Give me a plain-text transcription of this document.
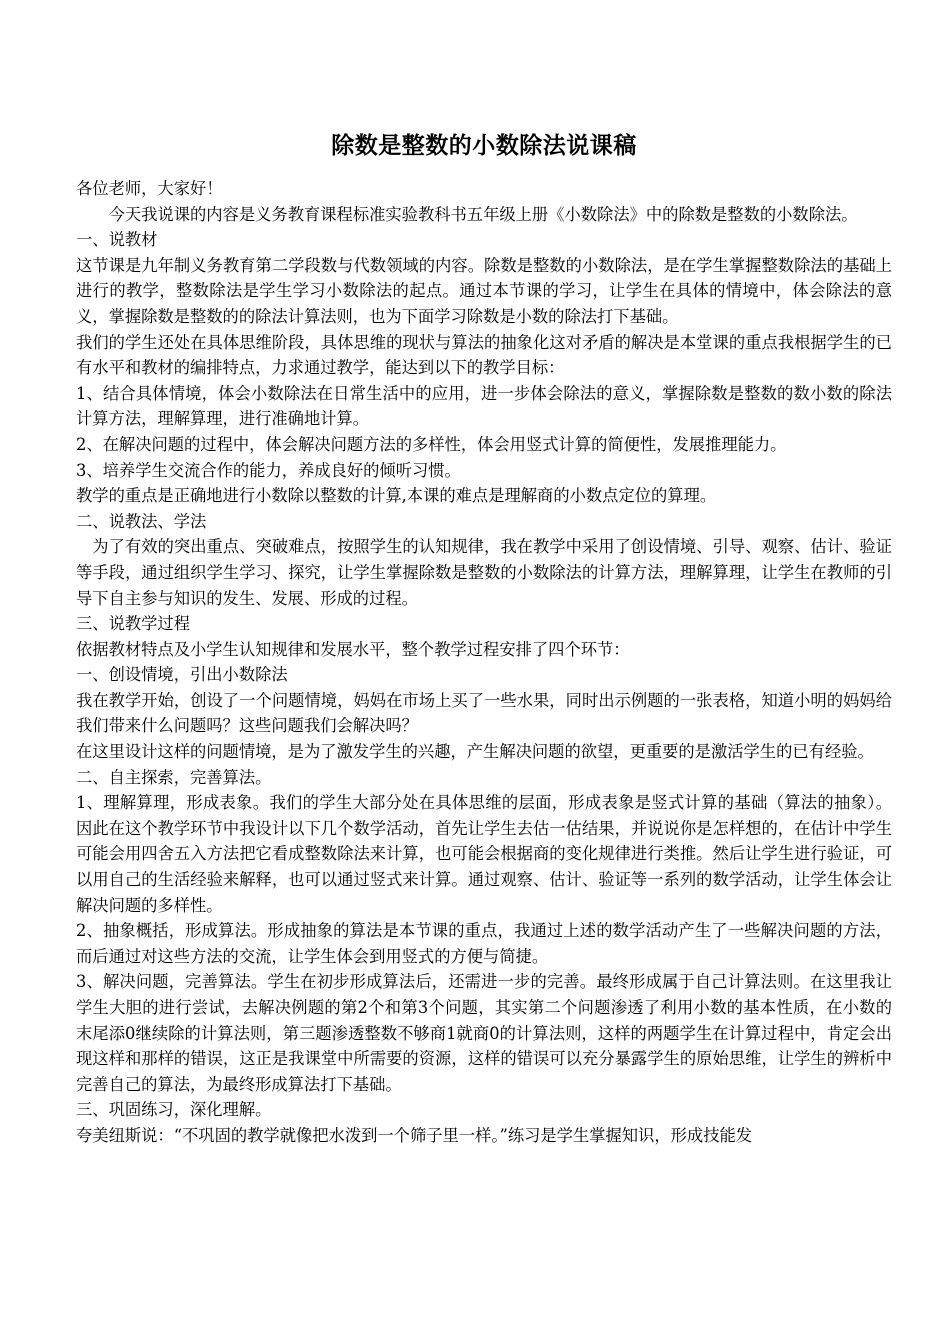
除数是整数的小数除法说课稿

各位老师，大家好！

今天我说课的内容是义务教育课程标准实验教科书五年级上册《小数除法》中的除数是整数的小数除法。

一、说教材

这节课是九年制义务教育第二学段数与代数领域的内容。除数是整数的小数除法，是在学生掌握整数除法的基础上进行的教学，整数除法是学生学习小数除法的起点。通过本节课的学习，让学生在具体的情境中，体会除法的意义，掌握除数是整数的的除法计算法则，也为下面学习除数是小数的除法打下基础。

我们的学生还处在具体思维阶段，具体思维的现状与算法的抽象化这对矛盾的解决是本堂课的重点我根据学生的已有水平和教材的编排特点，力求通过教学，能达到以下的教学目标：

1、结合具体情境，体会小数除法在日常生活中的应用，进一步体会除法的意义，掌握除数是整数的数小数的除法计算方法，理解算理，进行准确地计算。

2、在解决问题的过程中，体会解决问题方法的多样性，体会用竖式计算的简便性，发展推理能力。

3、培养学生交流合作的能力，养成良好的倾听习惯。

教学的重点是正确地进行小数除以整数的计算,本课的难点是理解商的小数点定位的算理。

二、说教法、学法

为了有效的突出重点、突破难点，按照学生的认知规律，我在教学中采用了创设情境、引导、观察、估计、验证等手段，通过组织学生学习、探究，让学生掌握除数是整数的小数除法的计算方法，理解算理，让学生在教师的引导下自主参与知识的发生、发展、形成的过程。

三、说教学过程

依据教材特点及小学生认知规律和发展水平，整个教学过程安排了四个环节：

一、创设情境，引出小数除法

我在教学开始，创设了一个问题情境，妈妈在市场上买了一些水果，同时出示例题的一张表格，知道小明的妈妈给我们带来什么问题吗？这些问题我们会解决吗？

在这里设计这样的问题情境，是为了激发学生的兴趣，产生解决问题的欲望，更重要的是激活学生的已有经验。

二、自主探索，完善算法。

1、理解算理，形成表象。我们的学生大部分处在具体思维的层面，形成表象是竖式计算的基础（算法的抽象）。因此在这个教学环节中我设计以下几个数学活动，首先让学生去估一估结果，并说说你是怎样想的，在估计中学生可能会用四舍五入方法把它看成整数除法来计算，也可能会根据商的变化规律进行类推。然后让学生进行验证，可以用自己的生活经验来解释，也可以通过竖式来计算。通过观察、估计、验证等一系列的数学活动，让学生体会让解决问题的多样性。

2、抽象概括，形成算法。形成抽象的算法是本节课的重点，我通过上述的数学活动产生了一些解决问题的方法，而后通过对这些方法的交流，让学生体会到用竖式的方便与简捷。

3、解决问题，完善算法。学生在初步形成算法后，还需进一步的完善。最终形成属于自己计算法则。在这里我让学生大胆的进行尝试，去解决例题的第2个和第3个问题，其实第二个问题渗透了利用小数的基本性质，在小数的末尾添0继续除的计算法则，第三题渗透整数不够商1就商0的计算法则，这样的两题学生在计算过程中，肯定会出现这样和那样的错误，这正是我课堂中所需要的资源，这样的错误可以充分暴露学生的原始思维，让学生的辨析中完善自己的算法，为最终形成算法打下基础。

三、巩固练习，深化理解。

夸美纽斯说：“不巩固的教学就像把水泼到一个筛子里一样。”练习是学生掌握知识，形成技能发
